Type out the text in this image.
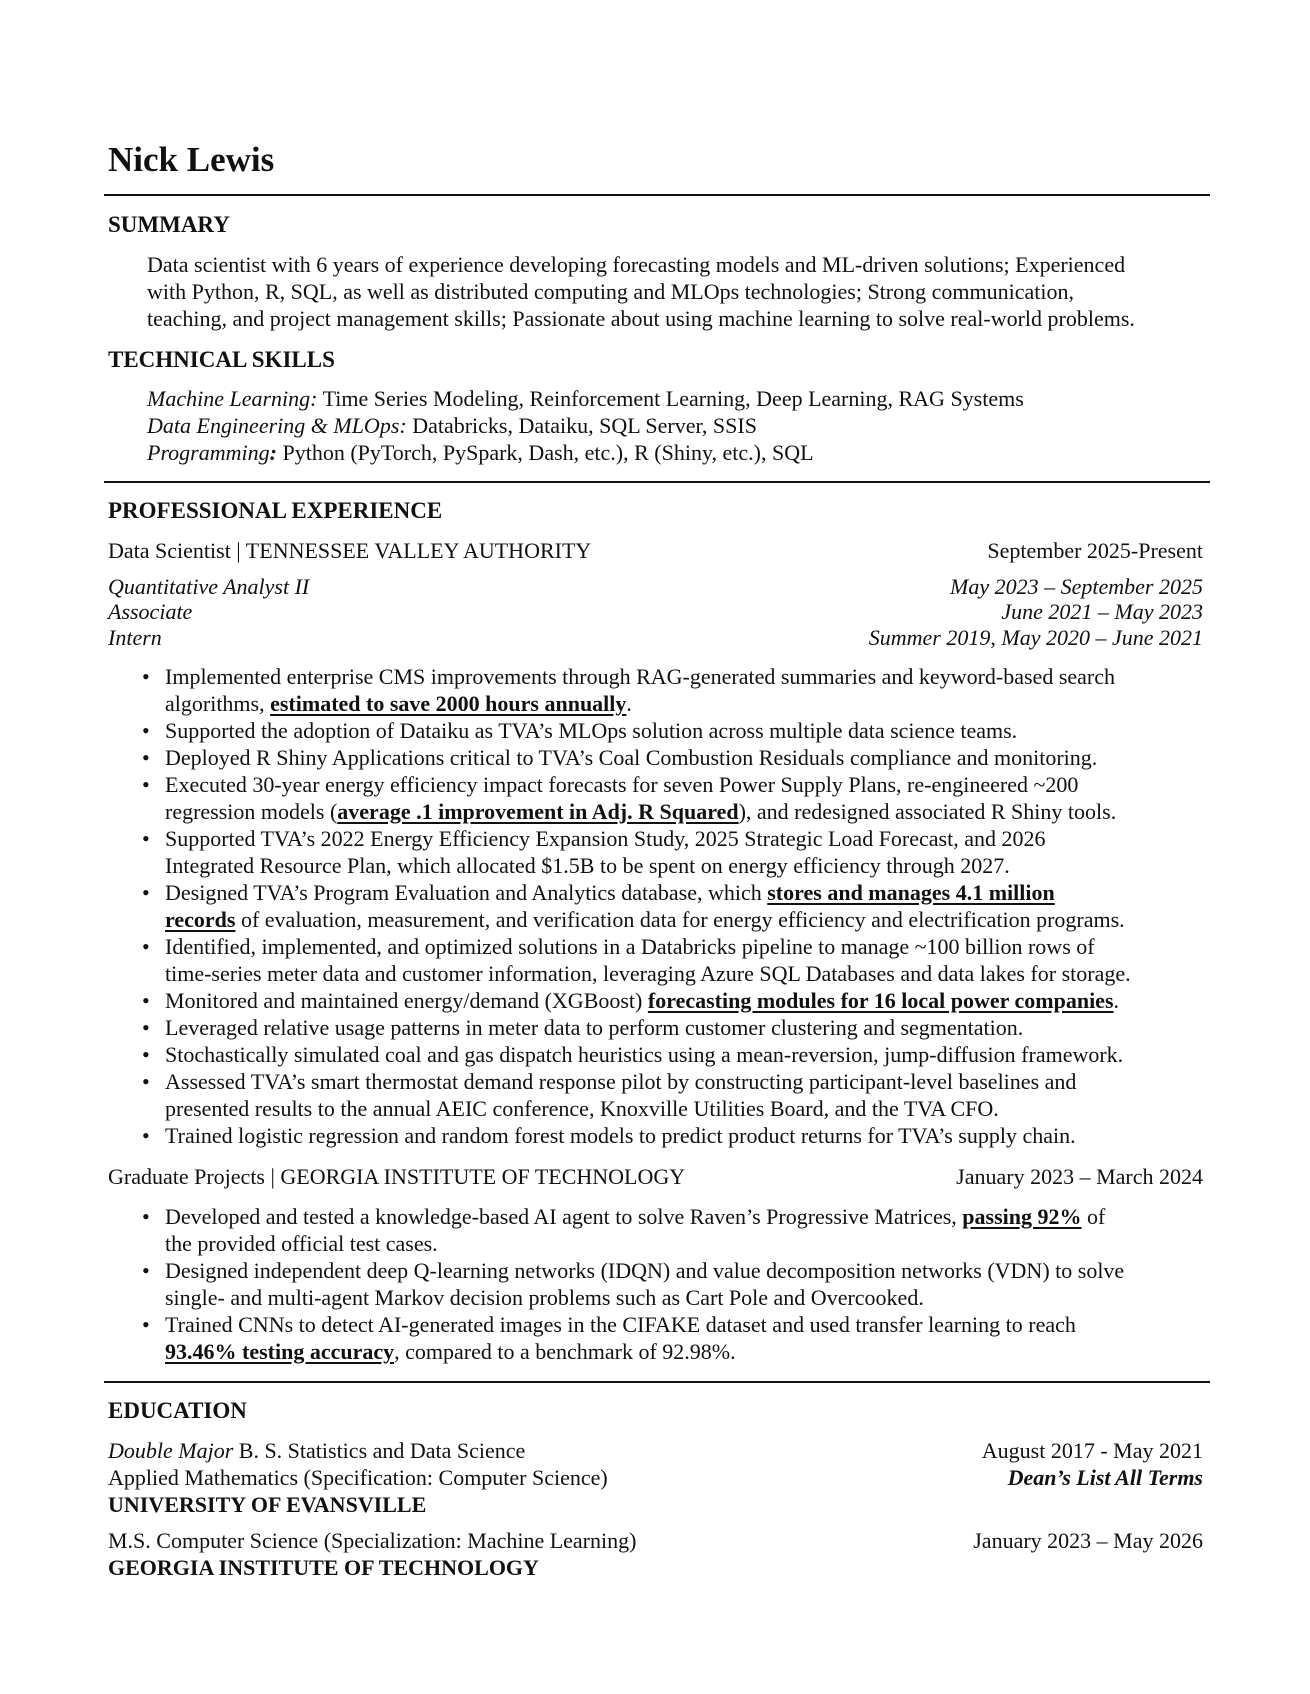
Nick Lewis
SUMMARY
Data scientist with 6 years of experience developing forecasting models and ML-driven solutions; Experienced
with Python, R, SQL, as well as distributed computing and MLOps technologies; Strong communication,
teaching, and project management skills; Passionate about using machine learning to solve real-world problems.
TECHNICAL SKILLS
Machine Learning: Time Series Modeling, Reinforcement Learning, Deep Learning, RAG Systems
Data Engineering & MLOps: Databricks, Dataiku, SQL Server, SSIS
Programming: Python (PyTorch, PySpark, Dash, etc.), R (Shiny, etc.), SQL
PROFESSIONAL EXPERIENCE
Data Scientist | TENNESSEE VALLEY AUTHORITY	September 2025-Present
Quantitative Analyst II	May 2023 – September 2025
Associate	June 2021 – May 2023
Intern	Summer 2019, May 2020 – June 2021
• Implemented enterprise CMS improvements through RAG-generated summaries and keyword-based search
algorithms, estimated to save 2000 hours annually.
• Supported the adoption of Dataiku as TVA’s MLOps solution across multiple data science teams.
• Deployed R Shiny Applications critical to TVA’s Coal Combustion Residuals compliance and monitoring.
• Executed 30-year energy efficiency impact forecasts for seven Power Supply Plans, re-engineered ~200
regression models (average .1 improvement in Adj. R Squared), and redesigned associated R Shiny tools.
• Supported TVA’s 2022 Energy Efficiency Expansion Study, 2025 Strategic Load Forecast, and 2026
Integrated Resource Plan, which allocated $1.5B to be spent on energy efficiency through 2027.
• Designed TVA’s Program Evaluation and Analytics database, which stores and manages 4.1 million
records of evaluation, measurement, and verification data for energy efficiency and electrification programs.
• Identified, implemented, and optimized solutions in a Databricks pipeline to manage ~100 billion rows of
time-series meter data and customer information, leveraging Azure SQL Databases and data lakes for storage.
• Monitored and maintained energy/demand (XGBoost) forecasting modules for 16 local power companies.
• Leveraged relative usage patterns in meter data to perform customer clustering and segmentation.
• Stochastically simulated coal and gas dispatch heuristics using a mean-reversion, jump-diffusion framework.
• Assessed TVA’s smart thermostat demand response pilot by constructing participant-level baselines and
presented results to the annual AEIC conference, Knoxville Utilities Board, and the TVA CFO.
• Trained logistic regression and random forest models to predict product returns for TVA’s supply chain.
Graduate Projects | GEORGIA INSTITUTE OF TECHNOLOGY	January 2023 – March 2024
• Developed and tested a knowledge-based AI agent to solve Raven’s Progressive Matrices, passing 92% of
the provided official test cases.
• Designed independent deep Q-learning networks (IDQN) and value decomposition networks (VDN) to solve
single- and multi-agent Markov decision problems such as Cart Pole and Overcooked.
• Trained CNNs to detect AI-generated images in the CIFAKE dataset and used transfer learning to reach
93.46% testing accuracy, compared to a benchmark of 92.98%.
EDUCATION
Double Major B. S. Statistics and Data Science	August 2017 - May 2021
Applied Mathematics (Specification: Computer Science)	Dean’s List All Terms
UNIVERSITY OF EVANSVILLE
M.S. Computer Science (Specialization: Machine Learning)	January 2023 – May 2026
GEORGIA INSTITUTE OF TECHNOLOGY
